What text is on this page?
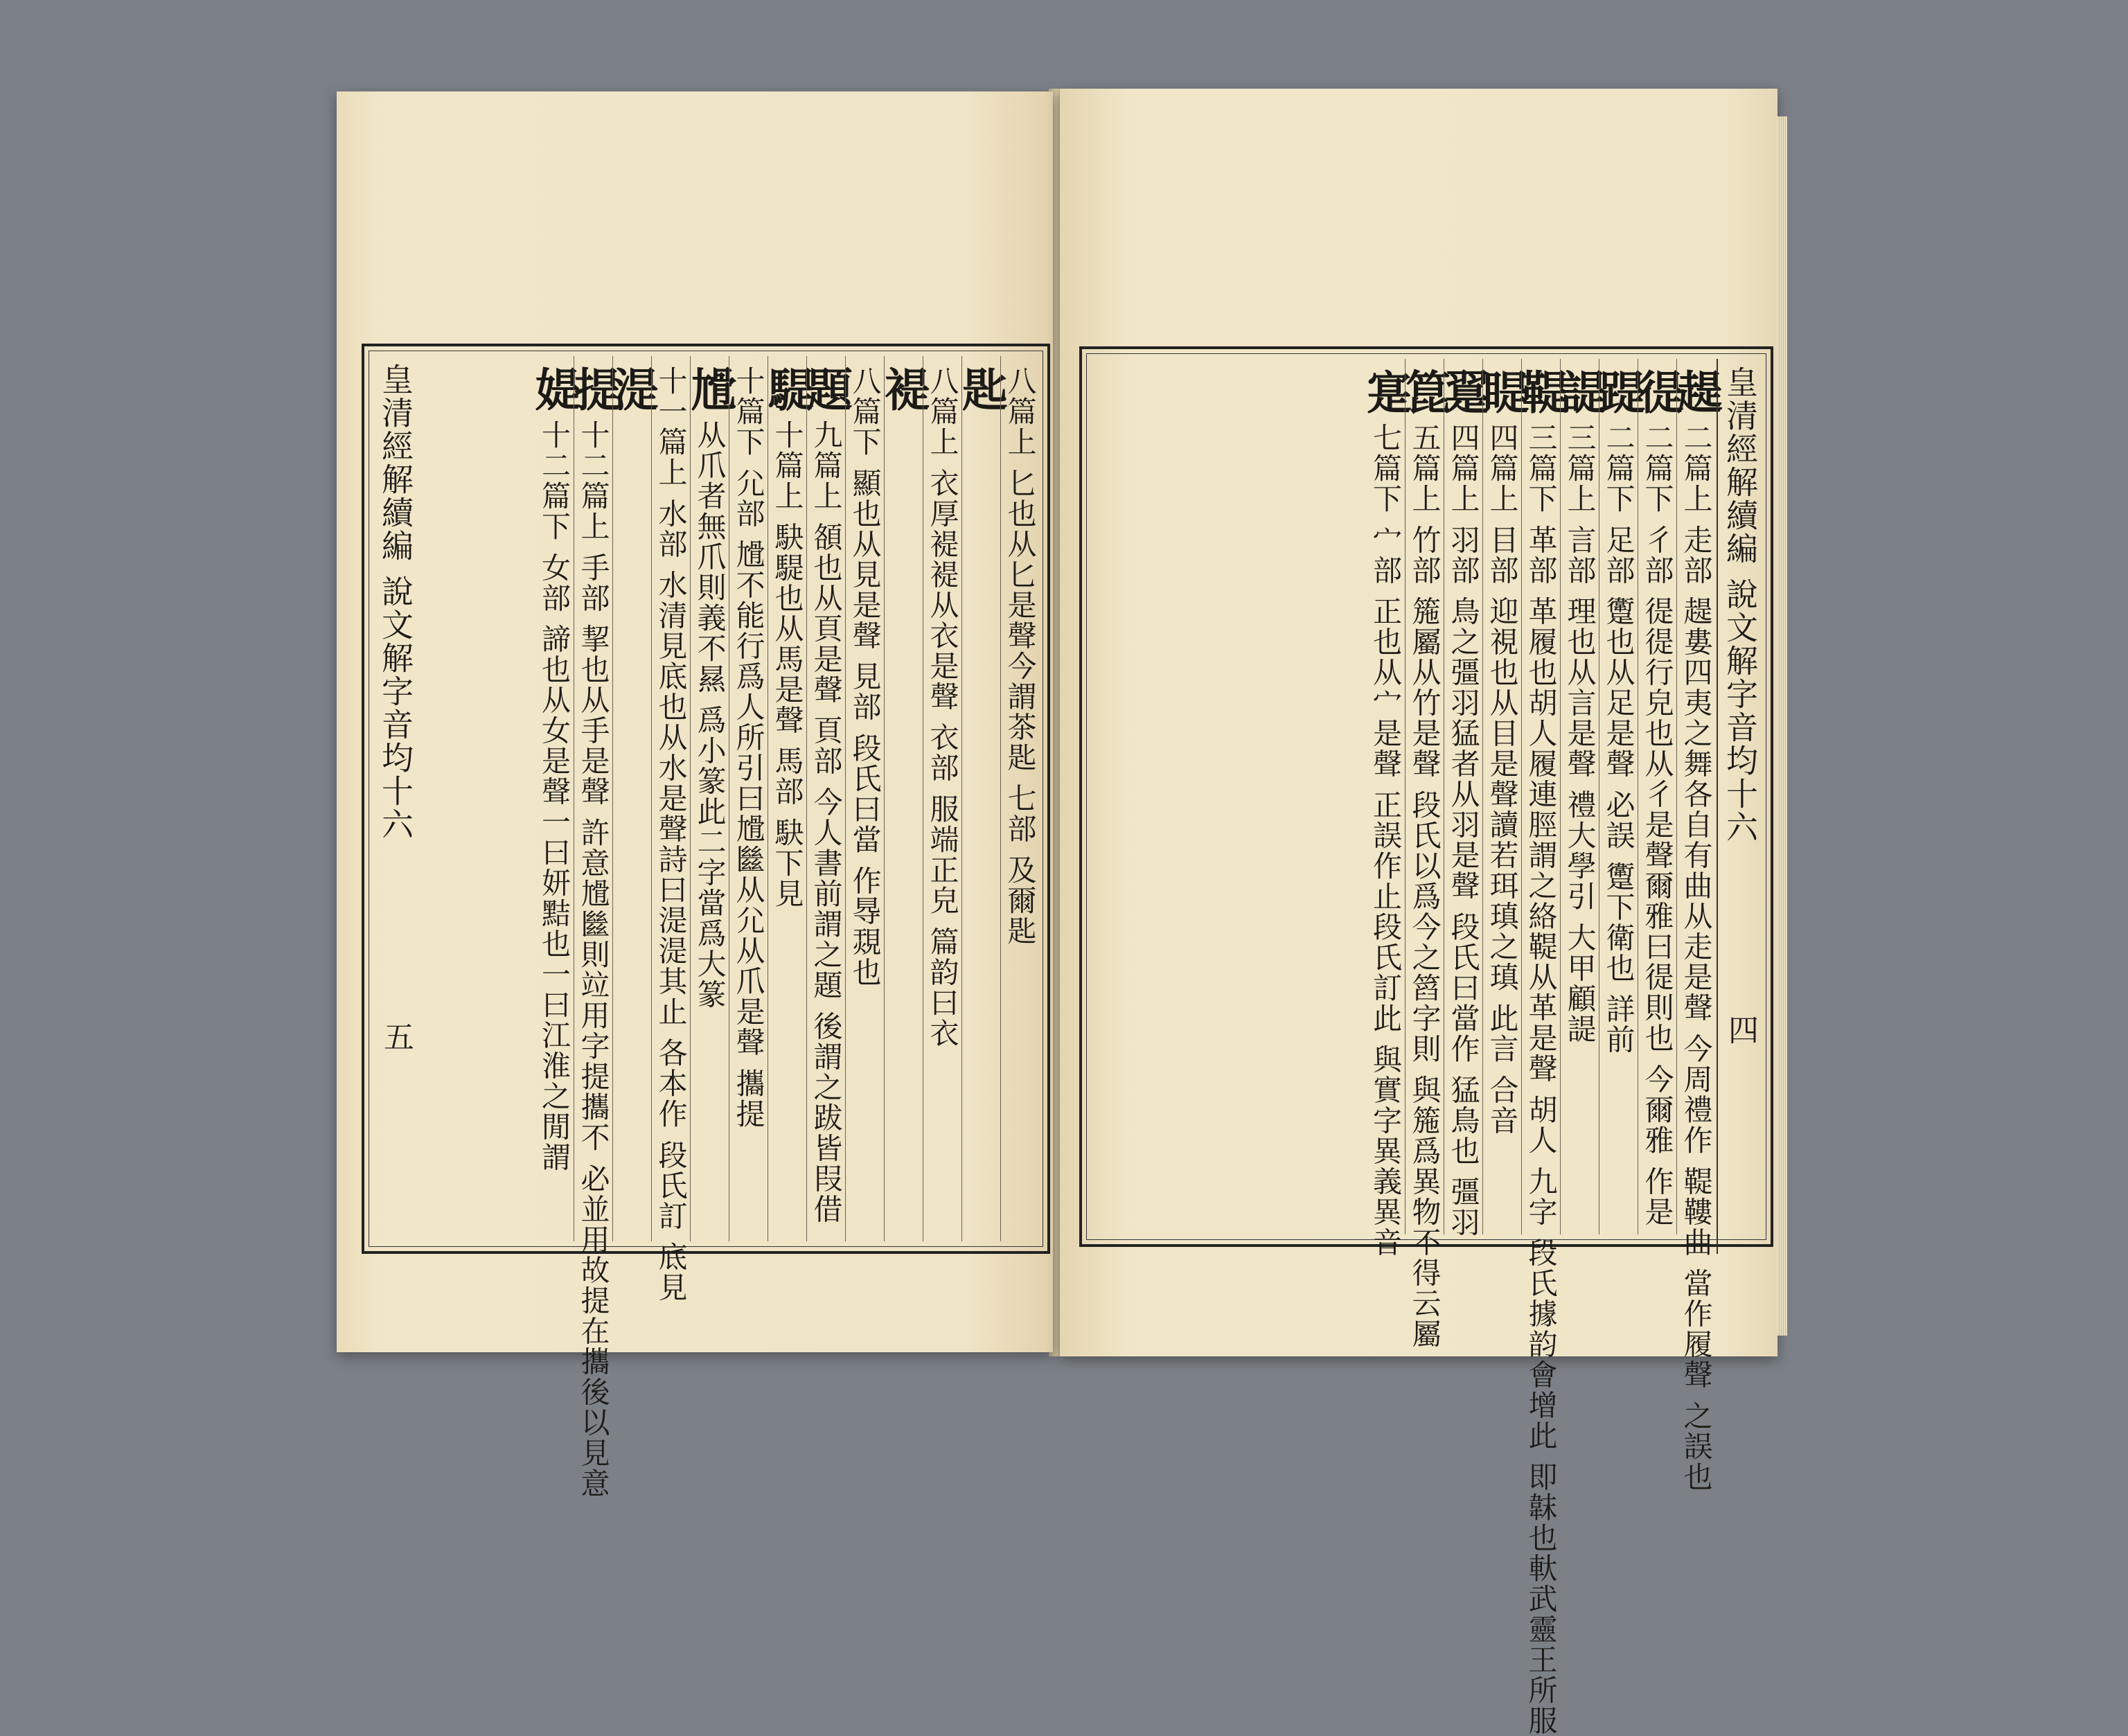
八篇上 匕也从匕是聲今謂茶匙 七部 及爾匙
匙
八篇上 衣厚褆褆从衣是聲 衣部 服端正皃 篇韵曰衣
褆
八篇下 顯也从見是聲 見部 段氏曰當 作䙷覝也
題九篇上 頟也从頁是聲 頁部 今人書前謂之題 後謂之跋皆叚借
騠十篇上 駃騠也从馬是聲 馬部 駃下見
十篇下 尣部 尳不能行爲人所引曰尳㡭从尣从爪是聲 攜提
尳从爪者無爪則義不㬎 爲小篆此二字當爲大篆
十一篇上 水部 水清見底也从水是聲詩曰湜湜其止 各本作 段氏訂 底見
湜
提十二篇上 手部 挈也从手是聲 許意尳㡭則竝用字提攜不 必並用故提在攜後以見意
媞十二篇下 女部 諦也从女是聲一曰妍黠也一曰江淮之閒謂
皇清經解續編
說文解字音均十六
五
趧二篇上 走部 趧婁四夷之舞各自有曲从走是聲 今周禮作 鞮鞻曲 當作履聲 之誤也
徥二篇下 彳部 徥徥行皃也从彳是聲爾雅曰徥則也 今爾雅 作是
踶二篇下 足部 躗也从足是聲 必誤 躗下衛也 詳前
諟三篇上 言部 理也从言是聲 禮大學引 大甲顧諟
鞮三篇下 革部 革履也胡人履連脛謂之絡鞮从革是聲 胡人 九字 段氏據韵會增此 即韎也軑武靈王所服
睼四篇上 目部 迎視也从目是聲讀若珥瑱之瑱 此言 合音
翨四篇上 羽部 鳥之彊羽猛者从羽是聲 段氏曰當作 猛鳥也 彊羽
箟五篇上 竹部 箷屬从竹是聲 段氏以爲今之䈱字則 與箷爲異物不得云屬
寔七篇下 宀部 正也从宀是聲 正誤作止段氏訂此 與實字異義異音	皇清經解續編
說文解字音均十六
四
